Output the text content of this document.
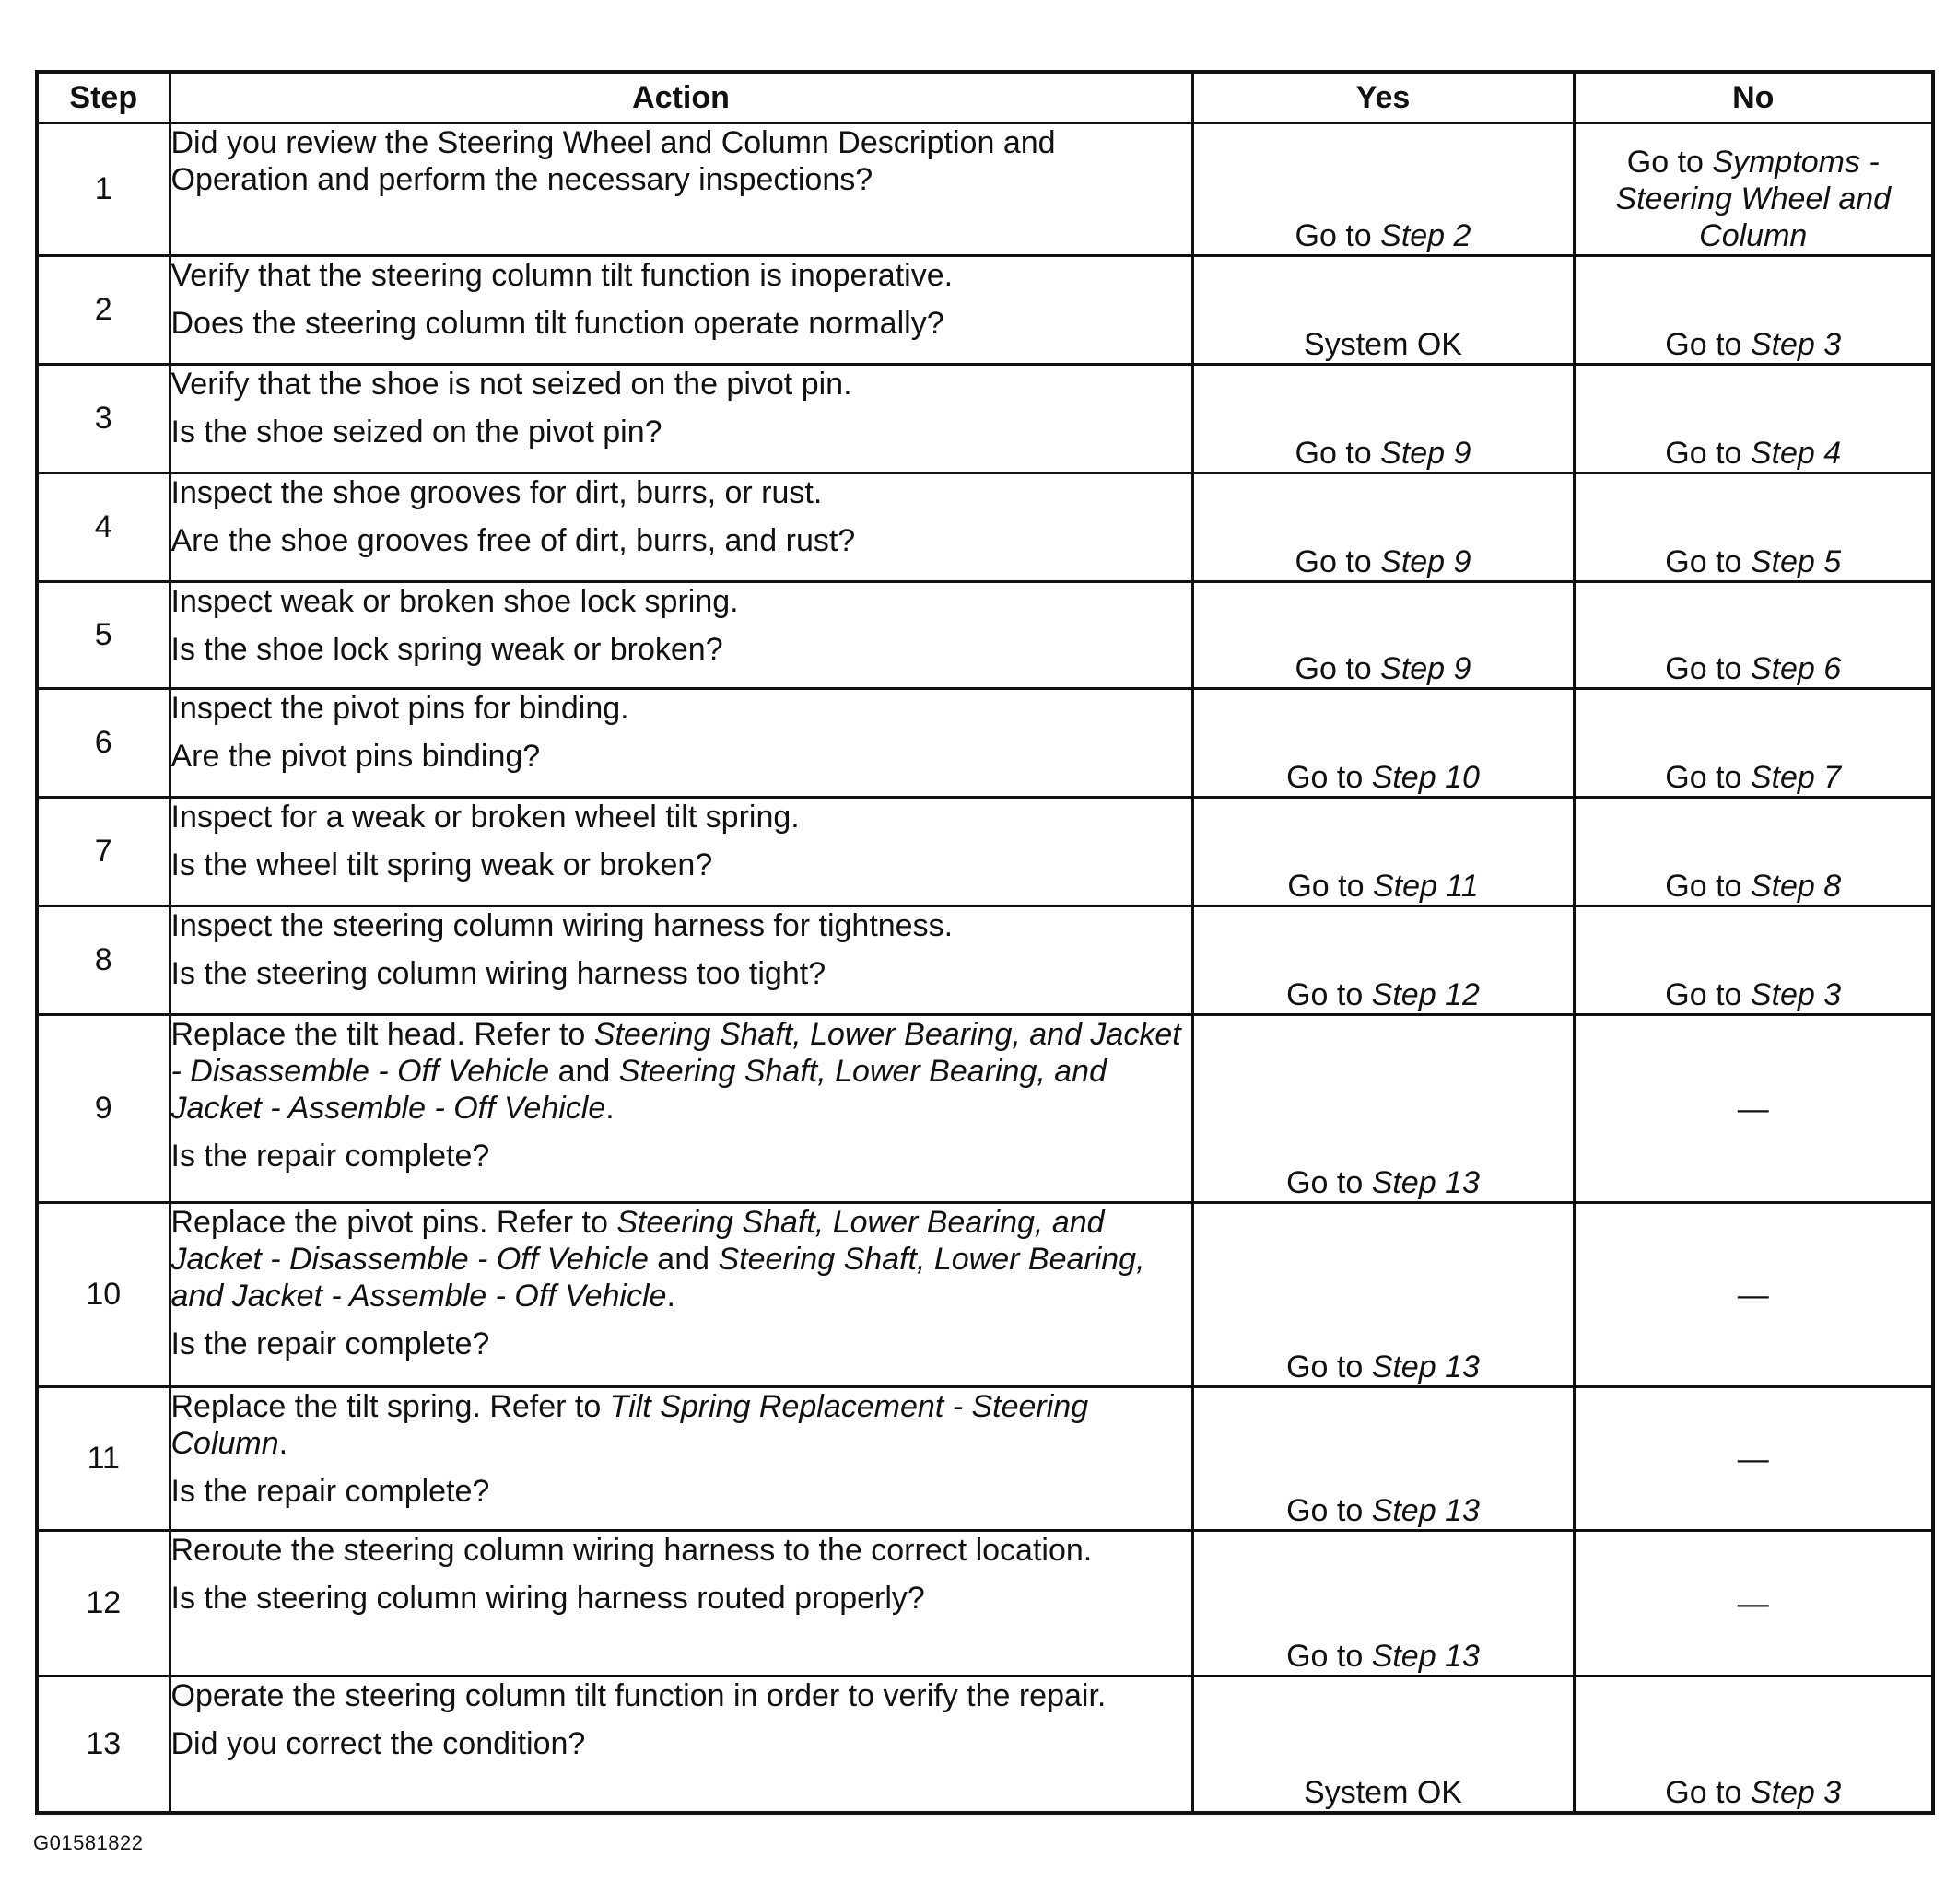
Step	Action	Yes	No
1	Did you review the Steering Wheel and Column Description and Operation and perform the necessary inspections?	Go to Step 2	Go to Symptoms - Steering Wheel and Column
2	Verify that the steering column tilt function is inoperative.

Does the steering column tilt function operate normally?	System OK	Go to Step 3
3	Verify that the shoe is not seized on the pivot pin.

Is the shoe seized on the pivot pin?	Go to Step 9	Go to Step 4
4	Inspect the shoe grooves for dirt, burrs, or rust.

Are the shoe grooves free of dirt, burrs, and rust?	Go to Step 9	Go to Step 5
5	Inspect weak or broken shoe lock spring.

Is the shoe lock spring weak or broken?	Go to Step 9	Go to Step 6
6	Inspect the pivot pins for binding.

Are the pivot pins binding?	Go to Step 10	Go to Step 7
7	Inspect for a weak or broken wheel tilt spring.

Is the wheel tilt spring weak or broken?	Go to Step 11	Go to Step 8
8	Inspect the steering column wiring harness for tightness.

Is the steering column wiring harness too tight?	Go to Step 12	Go to Step 3
9	Replace the tilt head. Refer to Steering Shaft, Lower Bearing, and Jacket - Disassemble - Off Vehicle and Steering Shaft, Lower Bearing, and Jacket - Assemble - Off Vehicle.

Is the repair complete?	Go to Step 13	—
10	Replace the pivot pins. Refer to Steering Shaft, Lower Bearing, and Jacket - Disassemble - Off Vehicle and Steering Shaft, Lower Bearing, and Jacket - Assemble - Off Vehicle.

Is the repair complete?	Go to Step 13	—
11	Replace the tilt spring. Refer to Tilt Spring Replacement - Steering Column.

Is the repair complete?	Go to Step 13	—
12	Reroute the steering column wiring harness to the correct location.

Is the steering column wiring harness routed properly?	Go to Step 13	—
13	Operate the steering column tilt function in order to verify the repair.

Did you correct the condition?	System OK	Go to Step 3
G01581822
